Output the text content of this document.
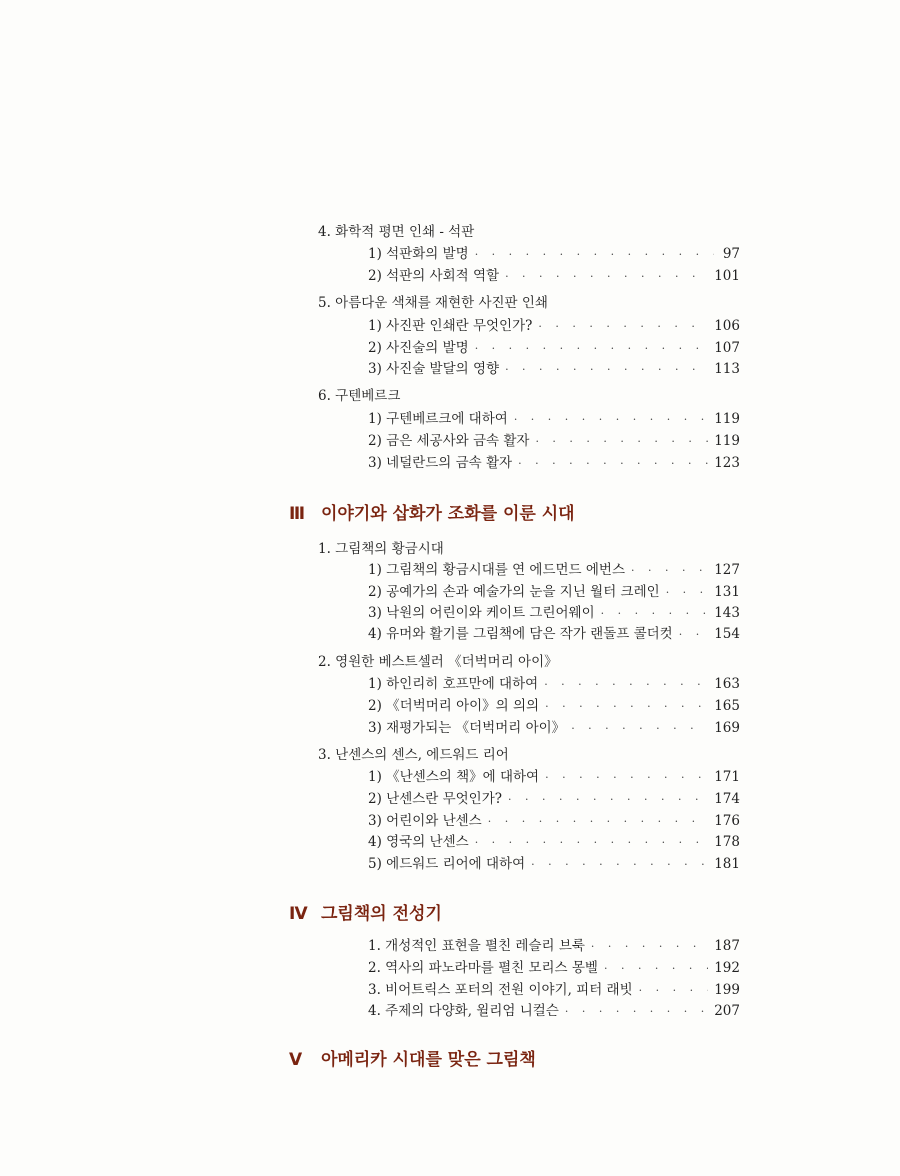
4. 화학적 평면 인쇄 - 석판
1) 석판화의 발명 · · ·	97
2) 석판의 사회적 역할 · · ·	101
5. 아름다운 색채를 재현한 사진판 인쇄
1) 사진판 인쇄란 무엇인가? · · ·	106
2) 사진술의 발명 · · ·	107
3) 사진술 발달의 영향 · · ·	113
6. 구텐베르크
1) 구텐베르크에 대하여 · · ·	119
2) 금은 세공사와 금속 활자 · · ·	119
3) 네덜란드의 금속 활자 · · ·	123
Ⅲ 이야기와 삽화가 조화를 이룬 시대
1. 그림책의 황금시대
1) 그림책의 황금시대를 연 에드먼드 에번스 · · ·	127
2) 공예가의 손과 예술가의 눈을 지닌 월터 크레인 · · ·	131
3) 낙원의 어린이와 케이트 그린어웨이 · · ·	143
4) 유머와 활기를 그림책에 담은 작가 랜돌프 콜더컷 · · ·	154
2. 영원한 베스트셀러 《더벅머리 아이》
1) 하인리히 호프만에 대하여 · · ·	163
2) 《더벅머리 아이》의 의의 · · ·	165
3) 재평가되는 《더벅머리 아이》 · · ·	169
3. 난센스의 센스, 에드워드 리어
1) 《난센스의 책》에 대하여 · · ·	171
2) 난센스란 무엇인가? · · ·	174
3) 어린이와 난센스 · · ·	176
4) 영국의 난센스 · · ·	178
5) 에드워드 리어에 대하여 · · ·	181
Ⅳ 그림책의 전성기
1. 개성적인 표현을 펼친 레슬리 브룩 · · ·	187
2. 역사의 파노라마를 펼친 모리스 몽벨 · · ·	192
3. 비어트릭스 포터의 전원 이야기, 피터 래빗 · · ·	199
4. 주제의 다양화, 윌리엄 니컬슨 · · ·	207
Ⅴ 아메리카 시대를 맞은 그림책
